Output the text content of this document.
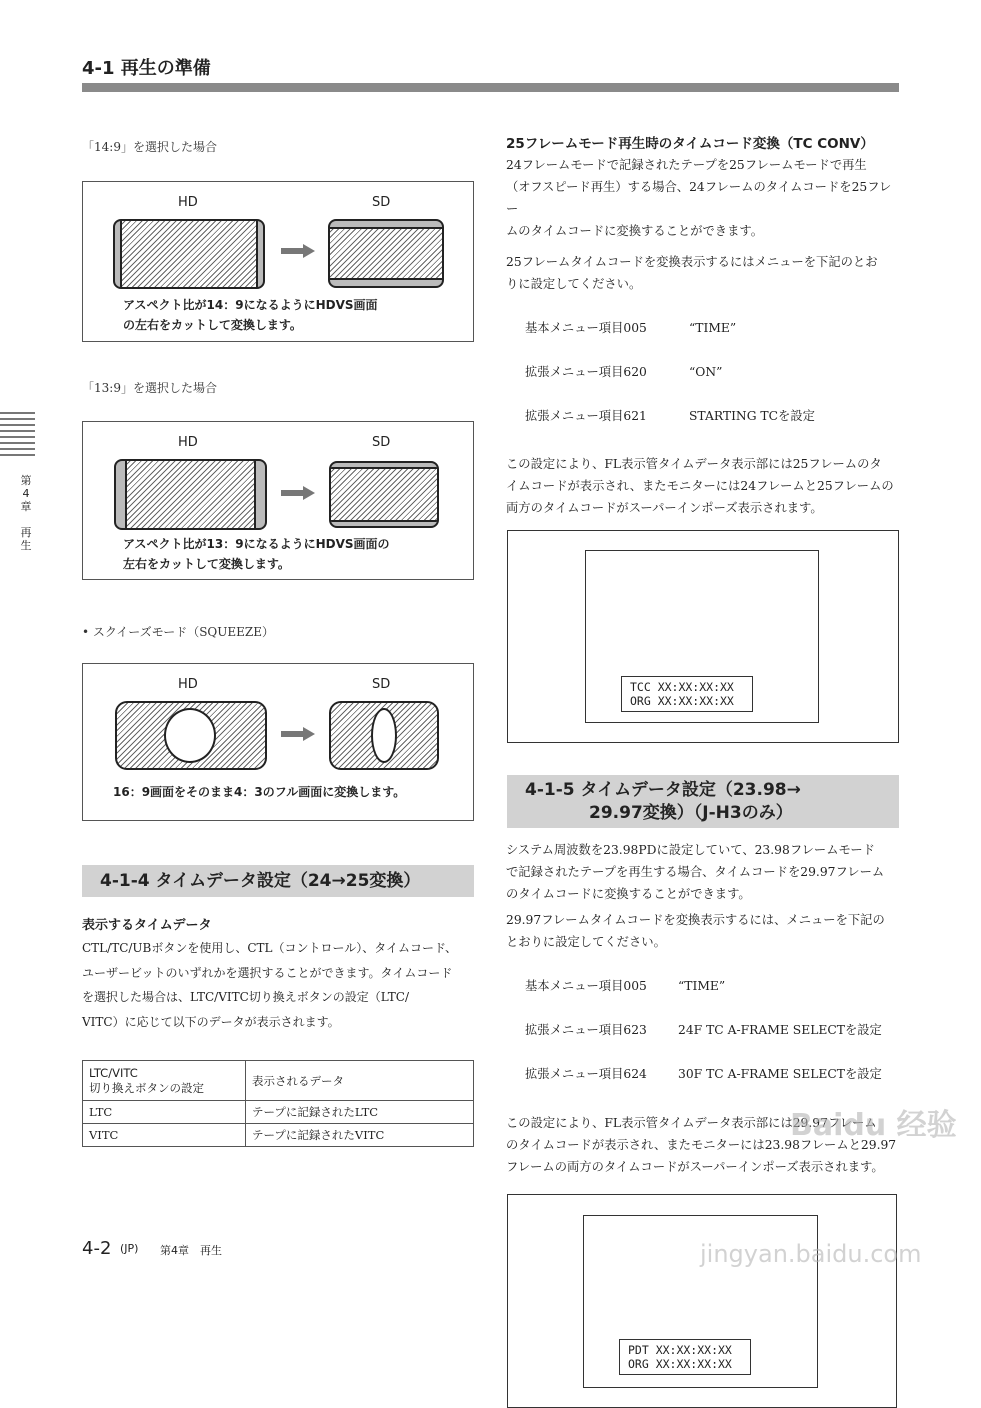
4-1 再生の準備
第
4
章

再
生
「14:9」を選択した場合
HD	SD
アスペクト比が14：9になるようにHDVS画面
の左右をカットして変換します。
「13:9」を選択した場合
HD	SD
アスペクト比が13：9になるようにHDVS画面の
左右をカットして変換します。
• スクイーズモード（SQUEEZE）
HD	SD
16：9画面をそのまま4：3のフル画面に変換します。
4-1-4 タイムデータ設定（24→25変換）
表示するタイムデータ
CTL/TC/UBボタンを使用し、CTL（コントロール）、タイムコード、
ユーザービットのいずれかを選択することができます。タイムコード
を選択した場合は、LTC/VITC切り換えボタンの設定（LTC/
VITC）に応じて以下のデータが表示されます。
LTC/VITC
切り換えボタンの設定	表示されるデータ
LTC	テープに記録されたLTC
VITC	テープに記録されたVITC
25フレームモード再生時のタイムコード変換（TC CONV）
24フレームモードで記録されたテープを25フレームモードで再生
（オフスピード再生）する場合、24フレームのタイムコードを25フレー
ムのタイムコードに変換することができます。
25フレームタイムコードを変換表示するにはメニューを下記のとお
りに設定してください。

基本メニュー項目005	“TIME”

拡張メニュー項目620	“ON”

拡張メニュー項目621	STARTING TCを設定

この設定により、FL表示管タイムデータ表示部には25フレームのタ
イムコードが表示され、またモニターには24フレームと25フレームの
両方のタイムコードがスーパーインポーズ表示されます。
TCC XX:XX:XX:XX
ORG XX:XX:XX:XX
4-1-5 タイムデータ設定（23.98→
29.97変換）（J-H3のみ）
システム周波数を23.98PDに設定していて、23.98フレームモード
で記録されたテープを再生する場合、タイムコードを29.97フレーム
のタイムコードに変換することができます。
29.97フレームタイムコードを変換表示するには、メニューを下記の
とおりに設定してください。

基本メニュー項目005	“TIME”

拡張メニュー項目623	24F TC A-FRAME SELECTを設定

拡張メニュー項目624	30F TC A-FRAME SELECTを設定

この設定により、FL表示管タイムデータ表示部には29.97フレーム
のタイムコードが表示され、またモニターには23.98フレームと29.97
フレームの両方のタイムコードがスーパーインポーズ表示されます。
PDT XX:XX:XX:XX
ORG XX:XX:XX:XX
Baidu 经验
jingyan.baidu.com
4-2 (JP) 第4章　再生
